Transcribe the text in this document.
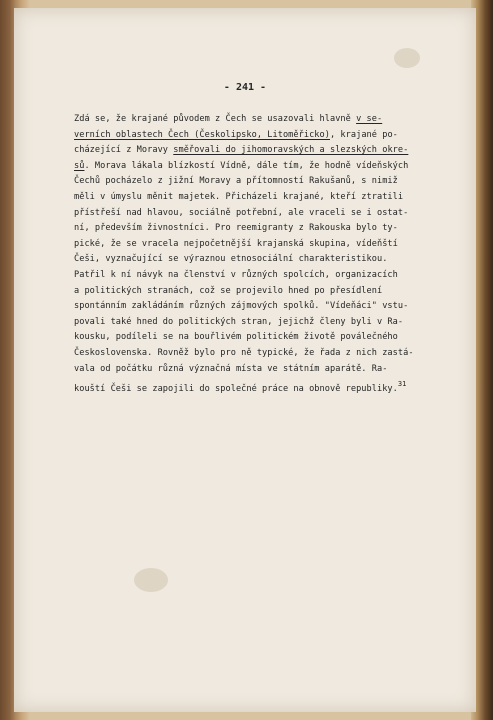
- 241 -
Zdá se, že krajané původem z Čech se usazovali hlavně v se-
verních oblastech Čech (Českolipsko, Litoměřicko), krajané po-
cházející z Moravy směřovali do jihomoravských a slezských okre-
sů. Morava lákala blízkostí Vídně, dále tím, že hodně vídeňských
Čechů pocházelo z jižní Moravy a přítomností Rakušanů, s nimiž
měli v úmyslu měnit majetek. Přicházeli krajané, kteří ztratili
přístřeší nad hlavou, sociálně potřební, ale vraceli se i ostat-
ní, především živnostníci. Pro reemigranty z Rakouska bylo ty-
pické, že se vracela nejpočetnější krajanská skupina, vídeňští
Češi, vyznačující se výraznou etnosociální charakteristikou.
Patřil k ní návyk na členství v různých spolcích, organizacích
a politických stranách, což se projevilo hned po přesídlení
spontánním zakládáním různých zájmových spolků. "Vídeňáci" vstu-
povali také hned do politických stran, jejichž členy byli v Ra-
kousku, podíleli se na bouřlivém politickém životě poválečného
Československa. Rovněž bylo pro ně typické, že řada z nich zastá-
vala od počátku různá význačná místa ve státním aparátě. Ra-
kouští Češi se zapojili do společné práce na obnově republiky.$^{31}$
